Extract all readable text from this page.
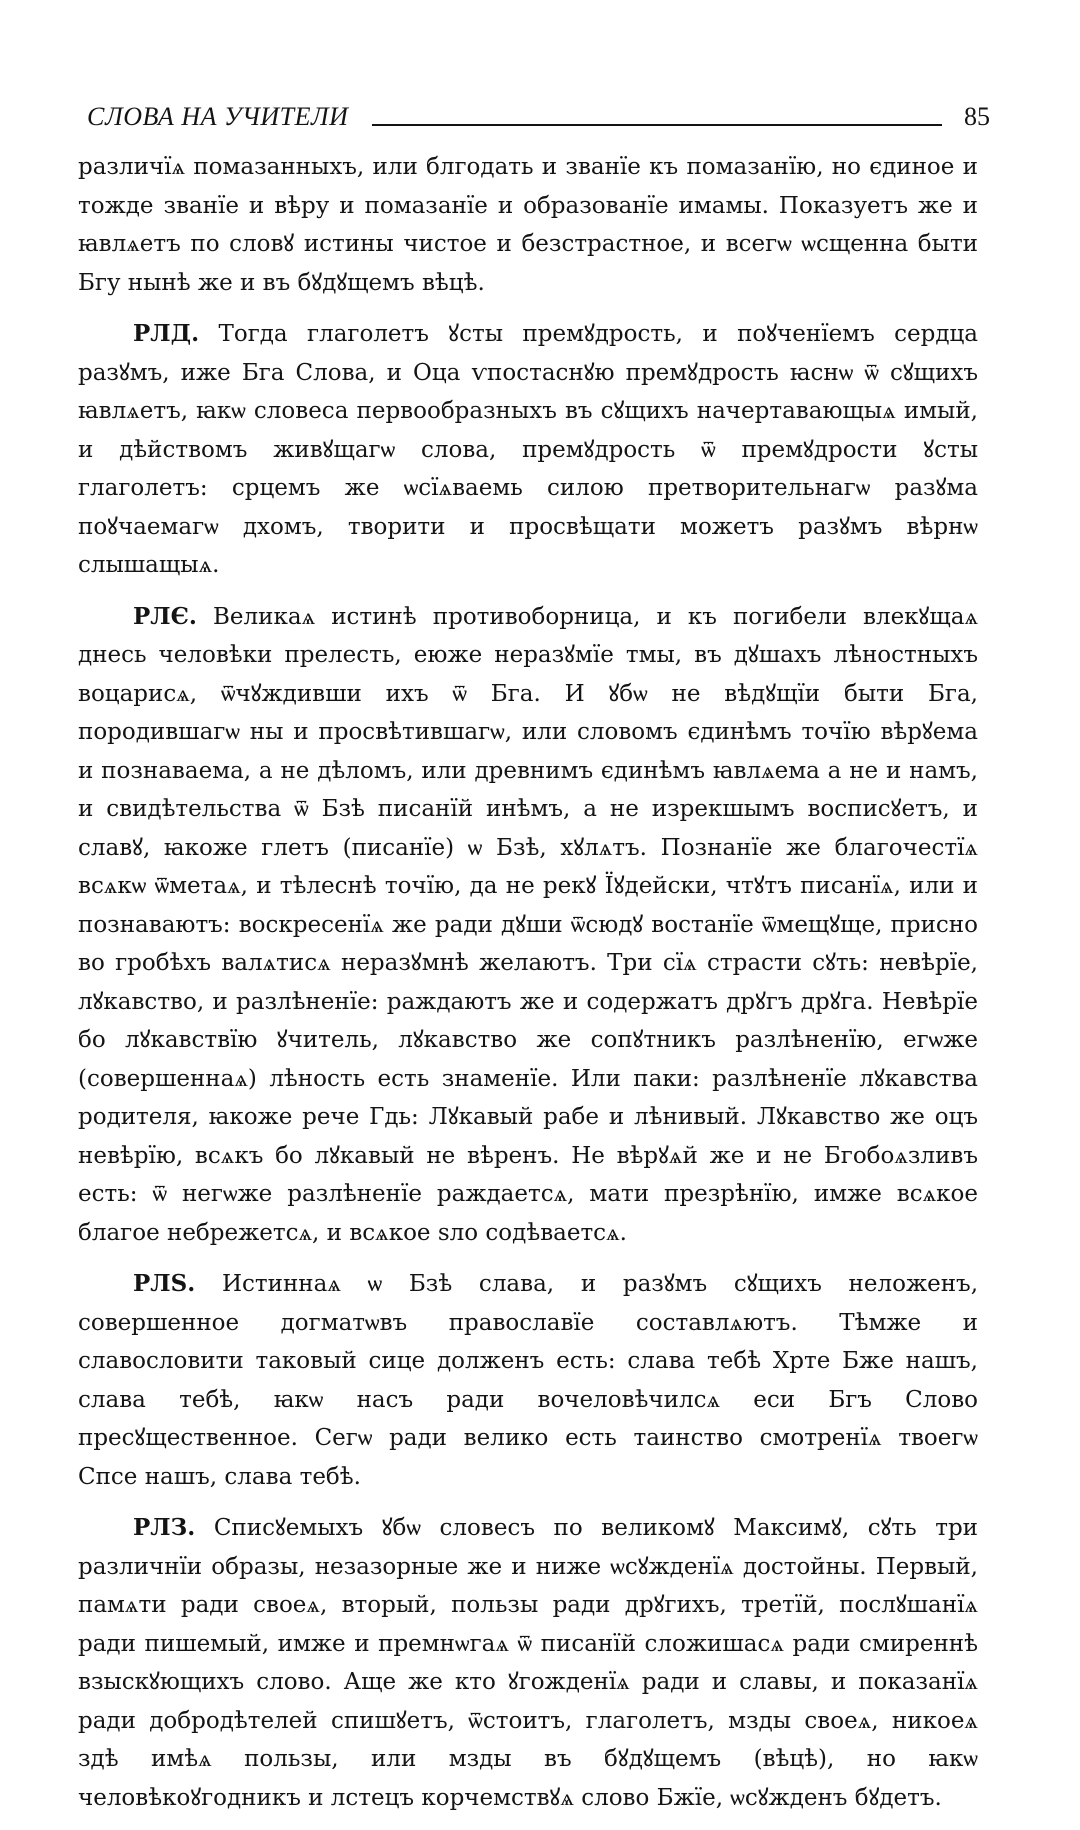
СЛОВА НА УЧИТЕЛИ	85

различїѧ помазанныхъ, или блгодать и званїе къ помазанїю, но єдиное и тожде званїе и вѣру и помазанїе и образованїе имамы. Показуетъ же и ꙗвлѧетъ по словꙋ истины чистое и безстрастное, и всегѡ ѡсщенна быти Бгу нынѣ же и въ бꙋдꙋщемъ вѣцѣ.

РЛД. Тогда глаголетъ ꙋсты премꙋдрость, и поꙋченїемъ сердца разꙋмъ, иже Бга Слова, и Оца ѵпостаснꙋю премꙋдрость ꙗснѡ ѿ сꙋщихъ ꙗвлѧетъ, ꙗкѡ словеса первообразныхъ въ сꙋщихъ начертавающыѧ имый, и дѣйствомъ живꙋщагѡ слова, премꙋдрость ѿ премꙋдрости ꙋсты глаголетъ: срцемъ же ѡсїѧваемь силою претворительнагѡ разꙋма поꙋчаемагѡ дхомъ, творити и просвѣщати можетъ разꙋмъ вѣрнѡ слышащыѧ.

РЛЄ. Великаѧ истинѣ противоборница, и къ погибели влекꙋщаѧ днесь человѣки прелесть, еюже неразꙋмїе тмы, въ дꙋшахъ лѣностныхъ воцарисѧ, ѿчꙋждивши ихъ ѿ Бга. И ꙋбѡ не вѣдꙋщїи быти Бга, породившагѡ ны и просвѣтившагѡ, или словомъ єдинѣмъ точїю вѣрꙋема и познаваема, а не дѣломъ, или древнимъ єдинѣмъ ꙗвлѧема а не и намъ, и свидѣтельства ѿ Бзѣ писанїй инѣмъ, а не изрекшымъ восписꙋетъ, и славꙋ, ꙗкоже глетъ (писанїе) ѡ Бзѣ, хꙋлѧтъ. Познанїе же благочестїѧ всѧкѡ ѿметаѧ, и тѣлеснѣ точїю, да не рекꙋ Їꙋдейски, чтꙋтъ писанїѧ, или и познаваютъ: воскресенїѧ же ради дꙋши ѿсюдꙋ востанїе ѿмещꙋще, присно во гробѣхъ валѧтисѧ неразꙋмнѣ желаютъ. Три сїѧ страсти сꙋть: невѣрїе, лꙋкавство, и разлѣненїе: раждаютъ же и содержатъ дрꙋгъ дрꙋга. Невѣрїе бо лꙋкавствїю ꙋчитель, лꙋкавство же сопꙋтникъ разлѣненїю, егѡже (совершеннаѧ) лѣность есть знаменїе. Или паки: разлѣненїе лꙋкавства родителя, ꙗкоже рече Гдь: Лꙋкавый рабе и лѣнивый. Лꙋкавство же оцъ невѣрїю, всѧкъ бо лꙋкавый не вѣренъ. Не вѣрꙋѧй же и не Бгобоѧзливъ есть: ѿ негѡже разлѣненїе раждаетсѧ, мати презрѣнїю, имже всѧкое благое небрежетсѧ, и всѧкое ѕло содѣваетсѧ.

РЛЅ. Истиннаѧ ѡ Бзѣ слава, и разꙋмъ сꙋщихъ неложенъ, совершенное догматѡвъ православїе составлѧютъ. Тѣмже и славословити таковый сице долженъ есть: слава тебѣ Хрте Бже нашъ, слава тебѣ, ꙗкѡ насъ ради вочеловѣчилсѧ еси Бгъ Слово пресꙋщественное. Сегѡ ради велико есть таинство смотренїѧ твоегѡ Спсе нашъ, слава тебѣ.

РЛЗ. Списꙋемыхъ ꙋбѡ словесъ по великомꙋ Максимꙋ, сꙋть три различнїи образы, незазорные же и ниже ѡсꙋжденїѧ достойны. Первый, памѧти ради своеѧ, вторый, пользы ради дрꙋгихъ, третїй, послꙋшанїѧ ради пишемый, имже и премнѡгаѧ ѿ писанїй сложишасѧ ради смиреннѣ взыскꙋющихъ слово. Аще же кто ꙋгожденїѧ ради и славы, и показанїѧ ради добродѣтелей спишꙋетъ, ѿстоитъ, глаголетъ, мзды своеѧ, никоеѧ здѣ имѣѧ пользы, или мзды въ бꙋдꙋщемъ (вѣцѣ), но ꙗкѡ человѣкоꙋгодникъ и лстецъ корчемствꙋѧ слово Бжїе, ѡсꙋжденъ бꙋдетъ.
